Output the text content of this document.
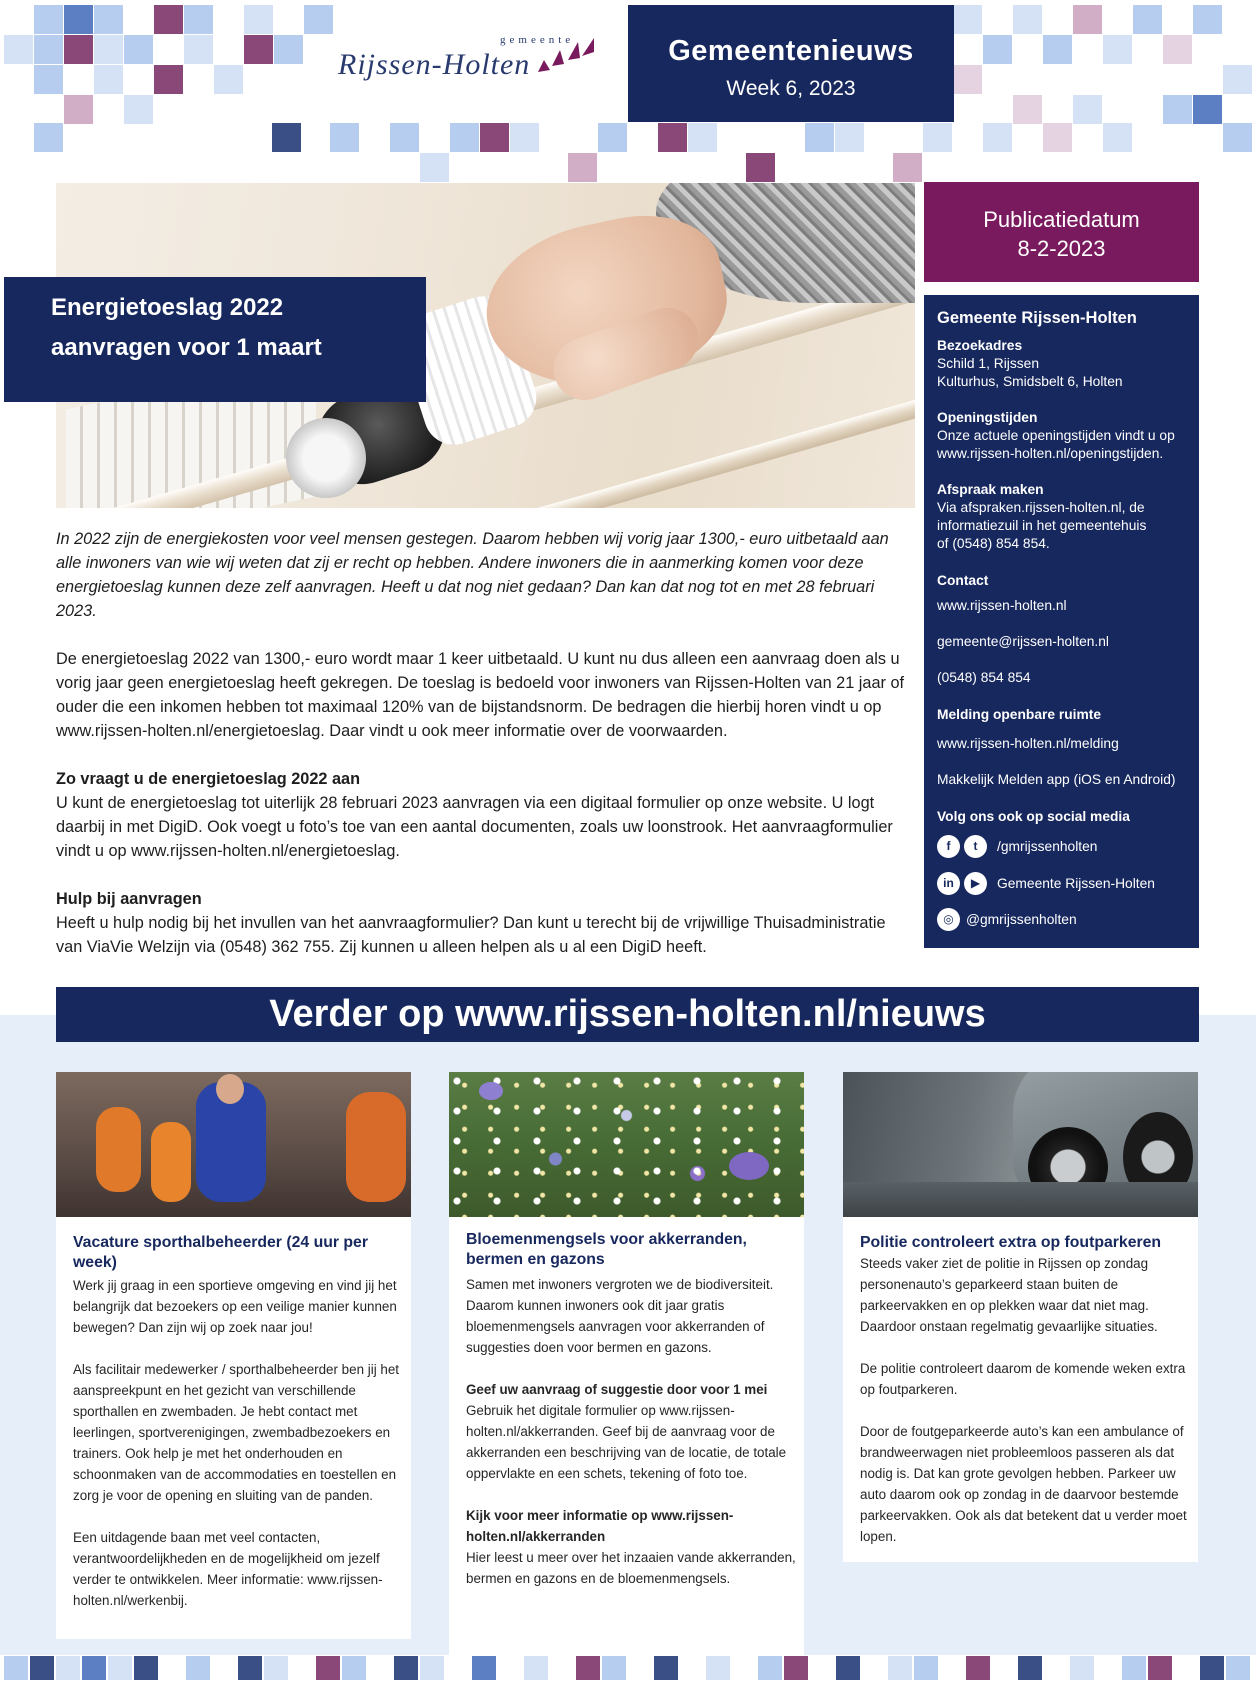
gemeente
Rijssen-Holten	Gemeentenieuws
Week 6, 2023
Energietoeslag 2022
aanvragen voor 1 maart

In 2022 zijn de energiekosten voor veel mensen gestegen. Daarom hebben wij vorig jaar 1300,- euro uitbetaald aan alle inwoners van wie wij weten dat zij er recht op hebben. Andere inwoners die in aanmerking komen voor deze energietoeslag kunnen deze zelf aanvragen. Heeft u dat nog niet gedaan? Dan kan dat nog tot en met 28 februari 2023.

De energietoeslag 2022 van 1300,- euro wordt maar 1 keer uitbetaald. U kunt nu dus alleen een aanvraag doen als u vorig jaar geen energietoeslag heeft gekregen. De toeslag is bedoeld voor inwoners van Rijssen-Holten van 21 jaar of ouder die een inkomen hebben tot maximaal 120% van de bijstandsnorm. De bedragen die hierbij horen vindt u op www.rijssen-holten.nl/energietoeslag. Daar vindt u ook meer informatie over de voorwaarden.

Zo vraagt u de energietoeslag 2022 aan
U kunt de energietoeslag tot uiterlijk 28 februari 2023 aanvragen via een digitaal formulier op onze website. U logt daarbij in met DigiD. Ook voegt u foto’s toe van een aantal documenten, zoals uw loonstrook. Het aanvraagformulier vindt u op www.rijssen-holten.nl/energietoeslag.

Hulp bij aanvragen
Heeft u hulp nodig bij het invullen van het aanvraagformulier? Dan kunt u terecht bij de vrijwillige Thuisadministratie van ViaVie Welzijn via (0548) 362 755. Zij kunnen u alleen helpen als u al een DigiD heeft.

Publicatiedatum
8-2-2023
Gemeente Rijssen-Holten
Bezoekadres
Schild 1, Rijssen
Kulturhus, Smidsbelt 6, Holten
Openingstijden
Onze actuele openingstijden vindt u op
www.rijssen-holten.nl/openingstijden.
Afspraak maken
Via afspraken.rijssen-holten.nl, de
informatiezuil in het gemeentehuis
of (0548) 854 854.
Contact
www.rijssen-holten.nl
gemeente@rijssen-holten.nl
(0548) 854 854
Melding openbare ruimte
www.rijssen-holten.nl/melding
Makkelijk Melden app (iOS en Android)
Volg ons ook op social media
f	t	/gmrijssenholten
in	▶	Gemeente Rijssen-Holten
◎ @gmrijssenholten
Verder op www.rijssen-holten.nl/nieuws
Vacature sporthalbeheerder (24 uur per week)

Werk jij graag in een sportieve omgeving en vind jij het belangrijk dat bezoekers op een veilige manier kunnen bewegen? Dan zijn wij op zoek naar jou!

Als facilitair medewerker / sporthalbeheerder ben jij het aanspreekpunt en het gezicht van verschillende sporthallen en zwembaden. Je hebt contact met leerlingen, sportverenigingen, zwembadbezoekers en trainers. Ook help je met het onderhouden en schoonmaken van de accommodaties en toestellen en zorg je voor de opening en sluiting van de panden.

Een uitdagende baan met veel contacten, verantwoordelijkheden en de mogelijkheid om jezelf verder te ontwikkelen. Meer informatie: www.rijssen-holten.nl/werkenbij.

Bloemenmengsels voor akkerranden, bermen en gazons

Samen met inwoners vergroten we de biodiversiteit. Daarom kunnen inwoners ook dit jaar gratis bloemenmengsels aanvragen voor akkerranden of suggesties doen voor bermen en gazons.

Geef uw aanvraag of suggestie door voor 1 mei
Gebruik het digitale formulier op www.rijssen-holten.nl/akkerranden. Geef bij de aanvraag voor de akkerranden een beschrijving van de locatie, de totale oppervlakte en een schets, tekening of foto toe.

Kijk voor meer informatie op www.rijssen-holten.nl/akkerranden
Hier leest u meer over het inzaaien vande akkerranden, bermen en gazons en de bloemenmengsels.

Politie controleert extra op foutparkeren

Steeds vaker ziet de politie in Rijssen op zondag personenauto’s geparkeerd staan buiten de parkeervakken en op plekken waar dat niet mag. Daardoor onstaan regelmatig gevaarlijke situaties.

De politie controleert daarom de komende weken extra op foutparkeren.

Door de foutgeparkeerde auto’s kan een ambulance of brandweerwagen niet probleemloos passeren als dat nodig is. Dat kan grote gevolgen hebben. Parkeer uw auto daarom ook op zondag in de daarvoor bestemde parkeervakken. Ook als dat betekent dat u verder moet lopen.
